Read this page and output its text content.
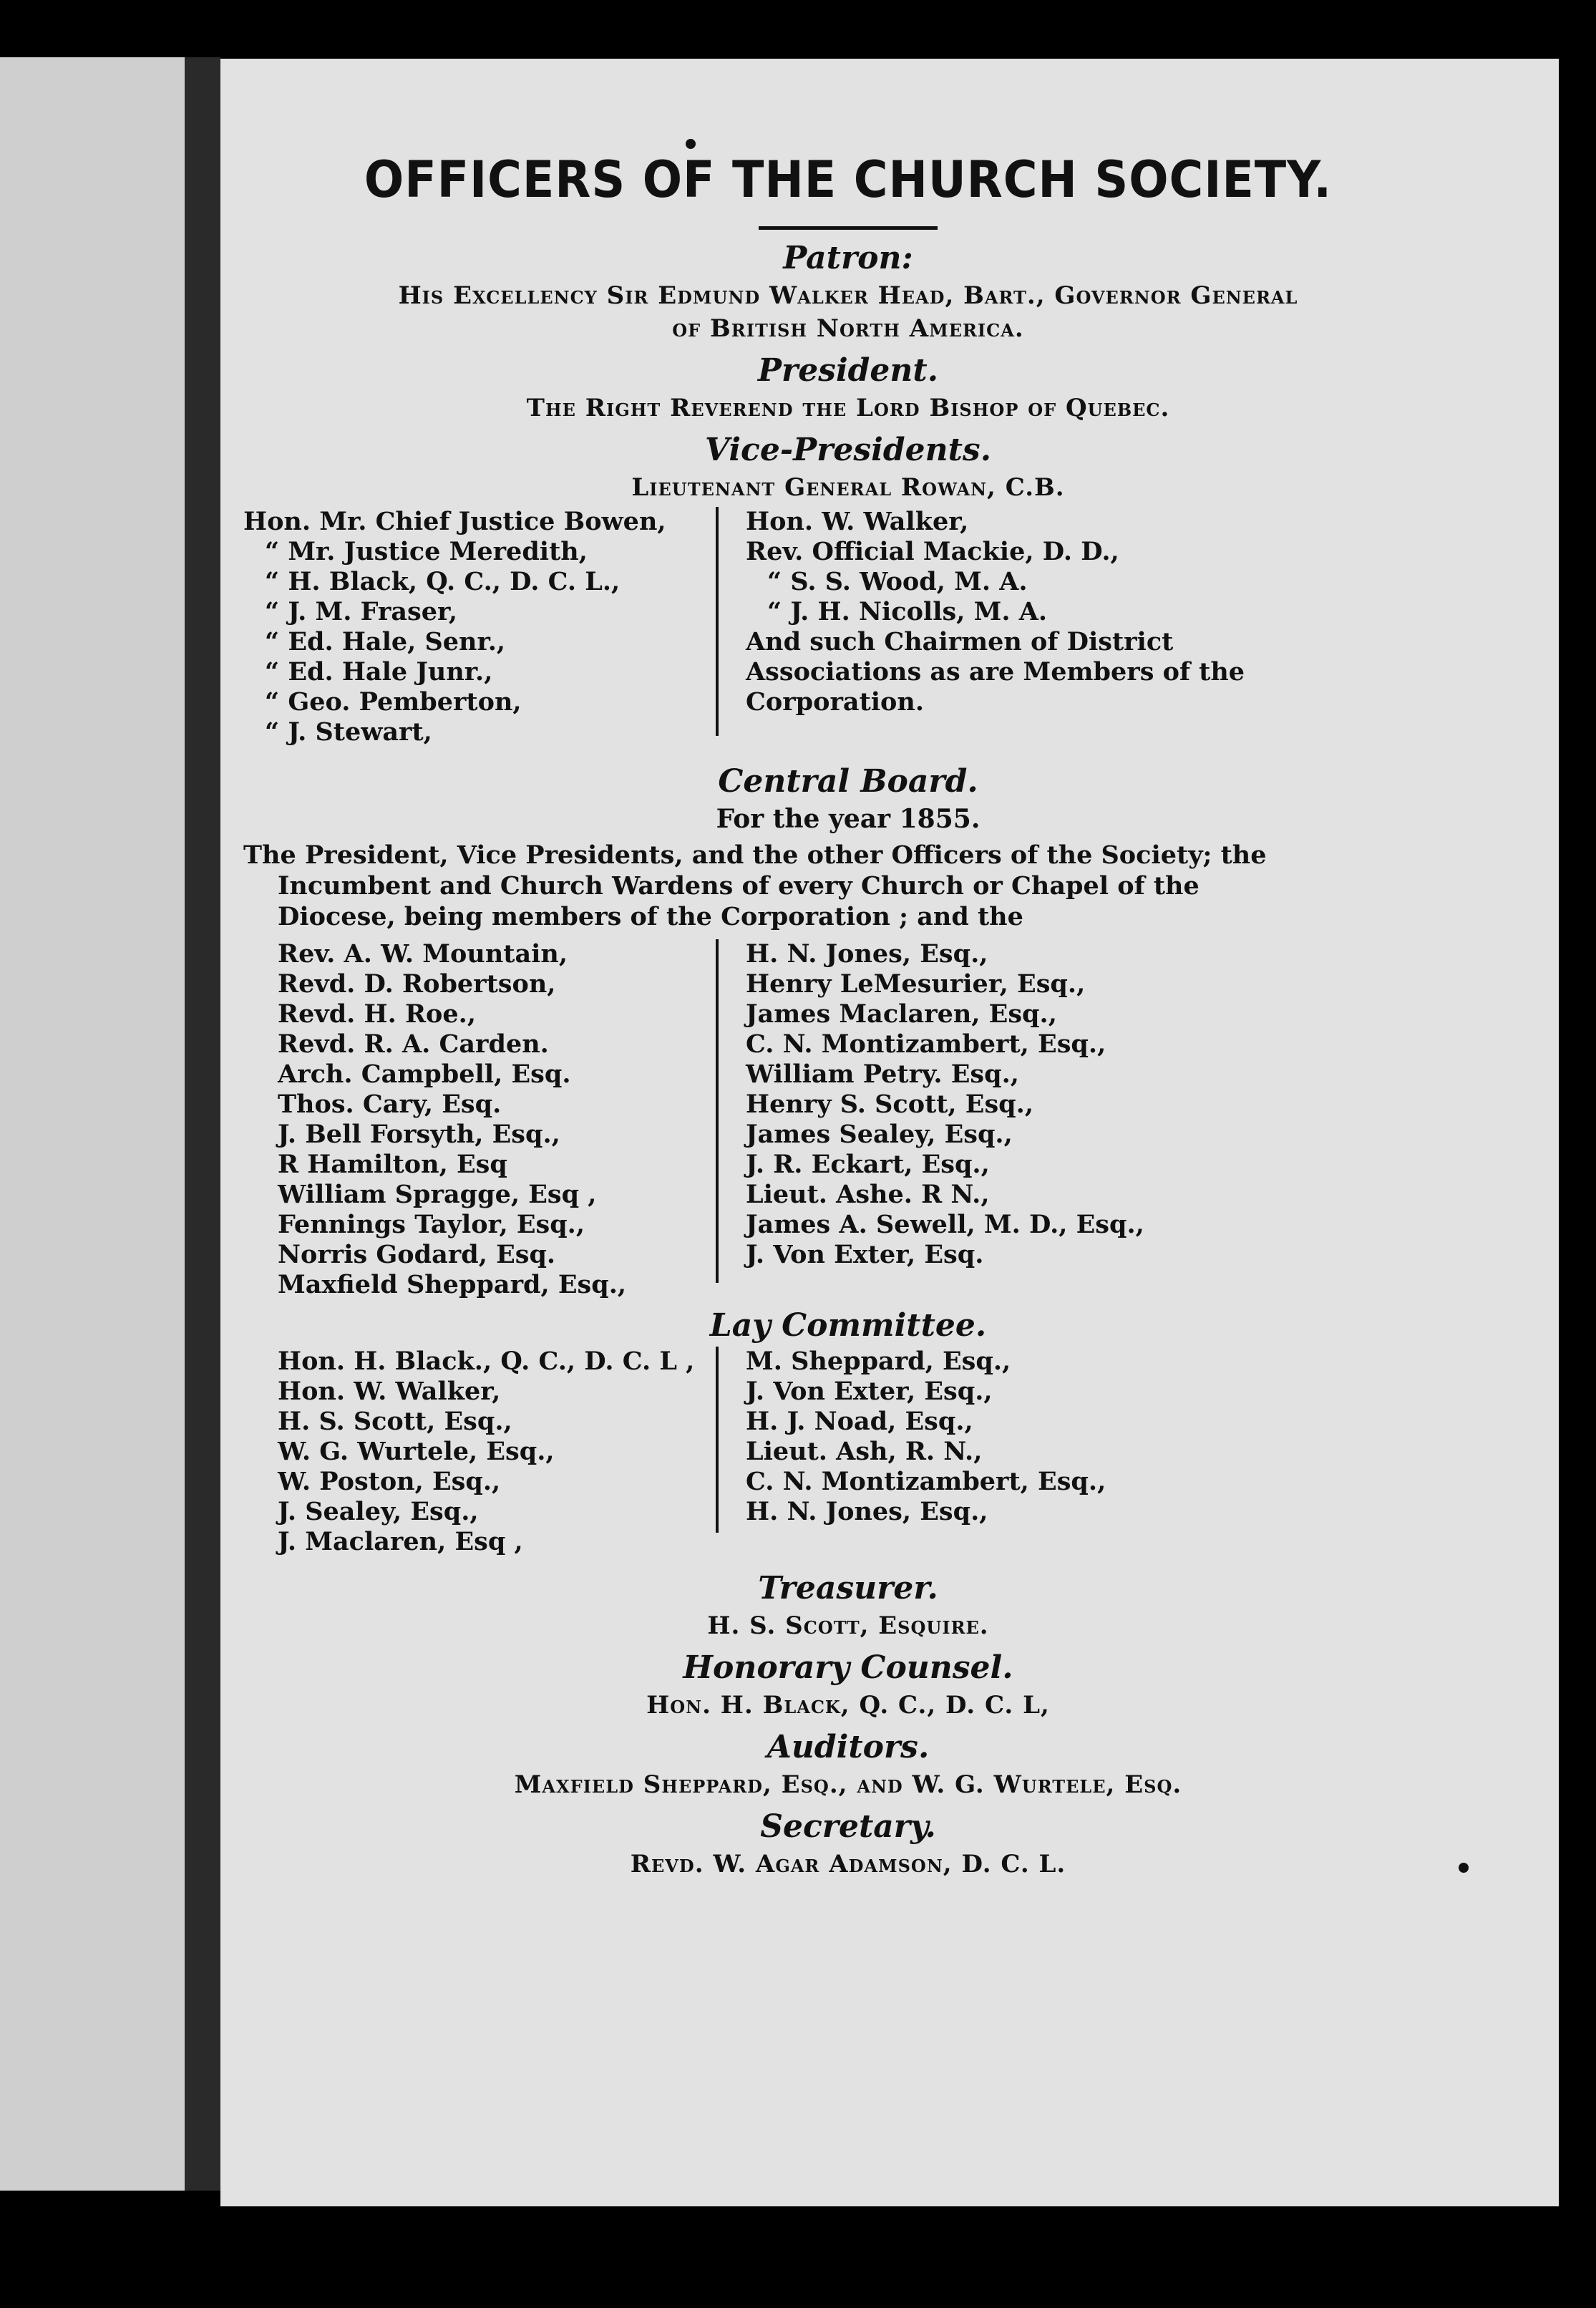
OFFICERS OF THE CHURCH SOCIETY.
Patron:
His Excellency Sir Edmund Walker Head, Bart., Governor General
of British North America.
President.
The Right Reverend the Lord Bishop of Quebec.
Vice-Presidents.
Lieutenant General Rowan, C.B.
Hon. Mr. Chief Justice Bowen,
“ Mr. Justice Meredith,
“ H. Black, Q. C., D. C. L.,
“ J. M. Fraser,
“ Ed. Hale, Senr.,
“ Ed. Hale Junr.,
“ Geo. Pemberton,
“ J. Stewart,
Hon. W. Walker,
Rev. Official Mackie, D. D.,
“ S. S. Wood, M. A.
“ J. H. Nicolls, M. A.
And such Chairmen of District
Associations as are Members of the
Corporation.
Central Board.
For the year 1855.
The President, Vice Presidents, and the other Officers of the Society; the
Incumbent and Church Wardens of every Church or Chapel of the
Diocese, being members of the Corporation ; and the
Rev. A. W. Mountain,
Revd. D. Robertson,
Revd. H. Roe.,
Revd. R. A. Carden.
Arch. Campbell, Esq.
Thos. Cary, Esq.
J. Bell Forsyth, Esq.,
R Hamilton, Esq
William Spragge, Esq ,
Fennings Taylor, Esq.,
Norris Godard, Esq.
Maxfield Sheppard, Esq.,
H. N. Jones, Esq.,
Henry LeMesurier, Esq.,
James Maclaren, Esq.,
C. N. Montizambert, Esq.,
William Petry. Esq.,
Henry S. Scott, Esq.,
James Sealey, Esq.,
J. R. Eckart, Esq.,
Lieut. Ashe. R N.,
James A. Sewell, M. D., Esq.,
J. Von Exter, Esq.
Lay Committee.
Hon. H. Black., Q. C., D. C. L ,
Hon. W. Walker,
H. S. Scott, Esq.,
W. G. Wurtele, Esq.,
W. Poston, Esq.,
J. Sealey, Esq.,
J. Maclaren, Esq ,
M. Sheppard, Esq.,
J. Von Exter, Esq.,
H. J. Noad, Esq.,
Lieut. Ash, R. N.,
C. N. Montizambert, Esq.,
H. N. Jones, Esq.,
Treasurer.
H. S. Scott, Esquire.
Honorary Counsel.
Hon. H. Black, Q. C., D. C. L,
Auditors.
Maxfield Sheppard, Esq., and W. G. Wurtele, Esq.
Secretary.
Revd. W. Agar Adamson, D. C. L.
